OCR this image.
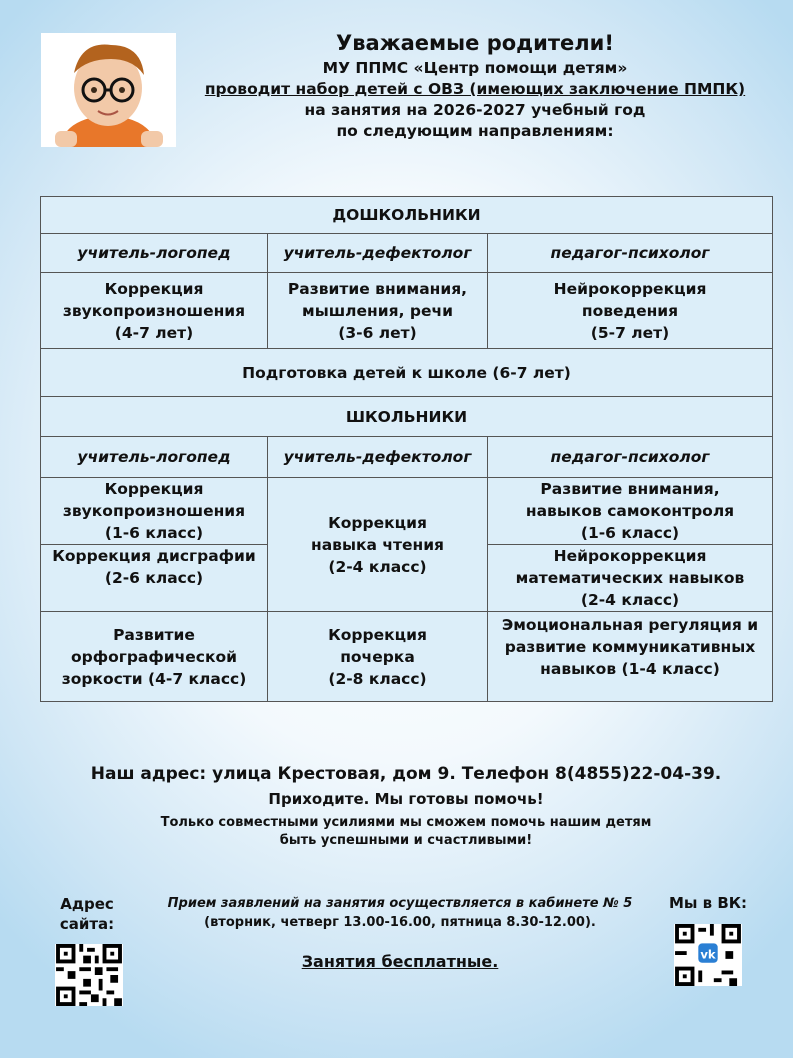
Уважаемые родители!
МУ ППМС «Центр помощи детям»
проводит набор детей с ОВЗ (имеющих заключение ПМПК)
на занятия на 2026-2027 учебный год
по следующим направлениям:
ДОШКОЛЬНИКИ		
учитель-логопед	учитель-дефектолог	педагог-психолог
Коррекция
звукопроизношения
(4-7 лет)	Развитие внимания,
мышления, речи
(3-6 лет)	Нейрокоррекция
поведения
(5-7 лет)
Подготовка детей к школе (6-7 лет)		
ШКОЛЬНИКИ		
учитель-логопед	учитель-дефектолог	педагог-психолог
Коррекция
звукопроизношения
(1-6 класс)	Коррекция
навыка чтения
(2-4 класс)	Развитие внимания,
навыков самоконтроля
(1-6 класс)
Коррекция дисграфии
(2-6 класс)		Нейрокоррекция
математических навыков
(2-4 класс)
Развитие
орфографической
зоркости (4-7 класс)	Коррекция
почерка
(2-8 класс)	Эмоциональная регуляция и
развитие коммуникативных
навыков (1-4 класс)
Наш адрес: улица Крестовая, дом 9. Телефон 8(4855)22-04-39.
Приходите. Мы готовы помочь!
Только совместными усилиями мы сможем помочь нашим детям
быть успешными и счастливыми!
Адрес
сайта:
Прием заявлений на занятия осуществляется в кабинете № 5
(вторник, четверг 13.00-16.00, пятница 8.30-12.00).
Занятия бесплатные.
Мы в ВК:
vk
